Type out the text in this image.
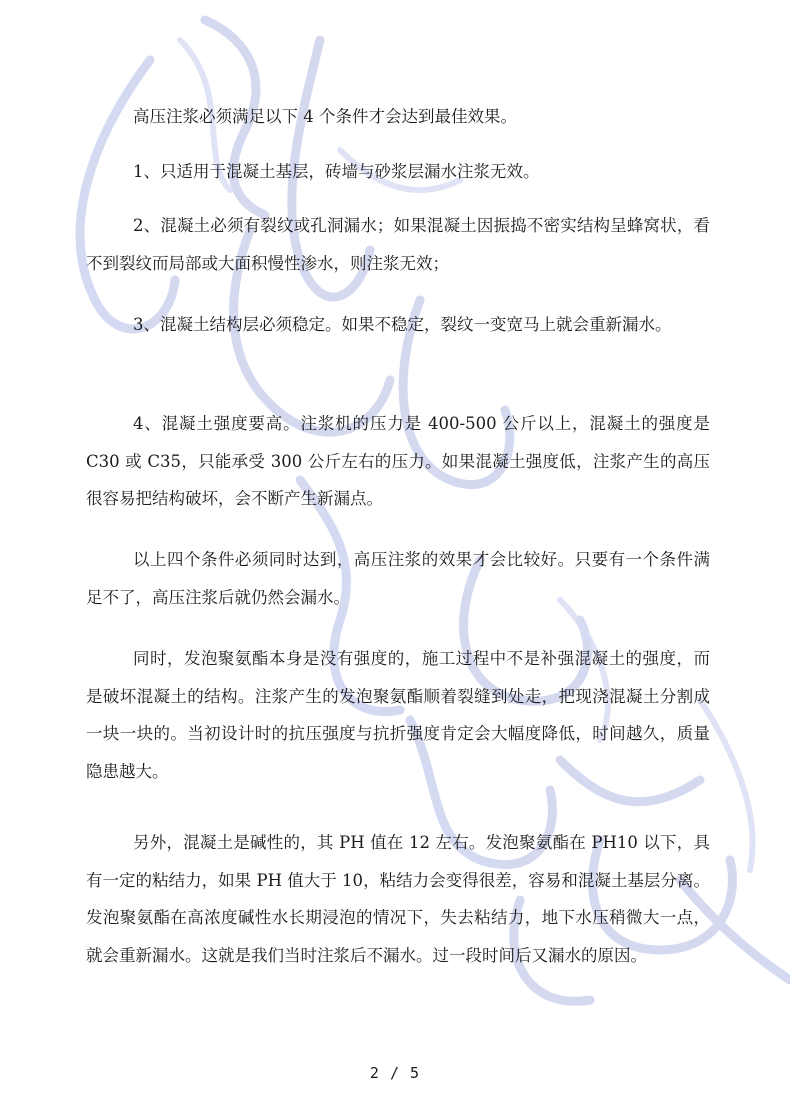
高压注浆必须满足以下 4 个条件才会达到最佳效果。

1、只适用于混凝土基层，砖墙与砂浆层漏水注浆无效。

2、混凝土必须有裂纹或孔洞漏水；如果混凝土因振捣不密实结构呈蜂窝状，看不到裂纹而局部或大面积慢性渗水，则注浆无效；

3、混凝土结构层必须稳定。如果不稳定，裂纹一变宽马上就会重新漏水。

4、混凝土强度要高。注浆机的压力是 400-500 公斤以上，混凝土的强度是 C30 或 C35，只能承受 300 公斤左右的压力。如果混凝土强度低，注浆产生的高压很容易把结构破坏，会不断产生新漏点。

以上四个条件必须同时达到，高压注浆的效果才会比较好。只要有一个条件满足不了，高压注浆后就仍然会漏水。

同时，发泡聚氨酯本身是没有强度的，施工过程中不是补强混凝土的强度，而是破坏混凝土的结构。注浆产生的发泡聚氨酯顺着裂缝到处走，把现浇混凝土分割成一块一块的。当初设计时的抗压强度与抗折强度肯定会大幅度降低，时间越久，质量隐患越大。

另外，混凝土是碱性的，其 PH 值在 12 左右。发泡聚氨酯在 PH10 以下，具有一定的粘结力，如果 PH 值大于 10，粘结力会变得很差，容易和混凝土基层分离。发泡聚氨酯在高浓度碱性水长期浸泡的情况下，失去粘结力，地下水压稍微大一点，就会重新漏水。这就是我们当时注浆后不漏水。过一段时间后又漏水的原因。

2 / 5
